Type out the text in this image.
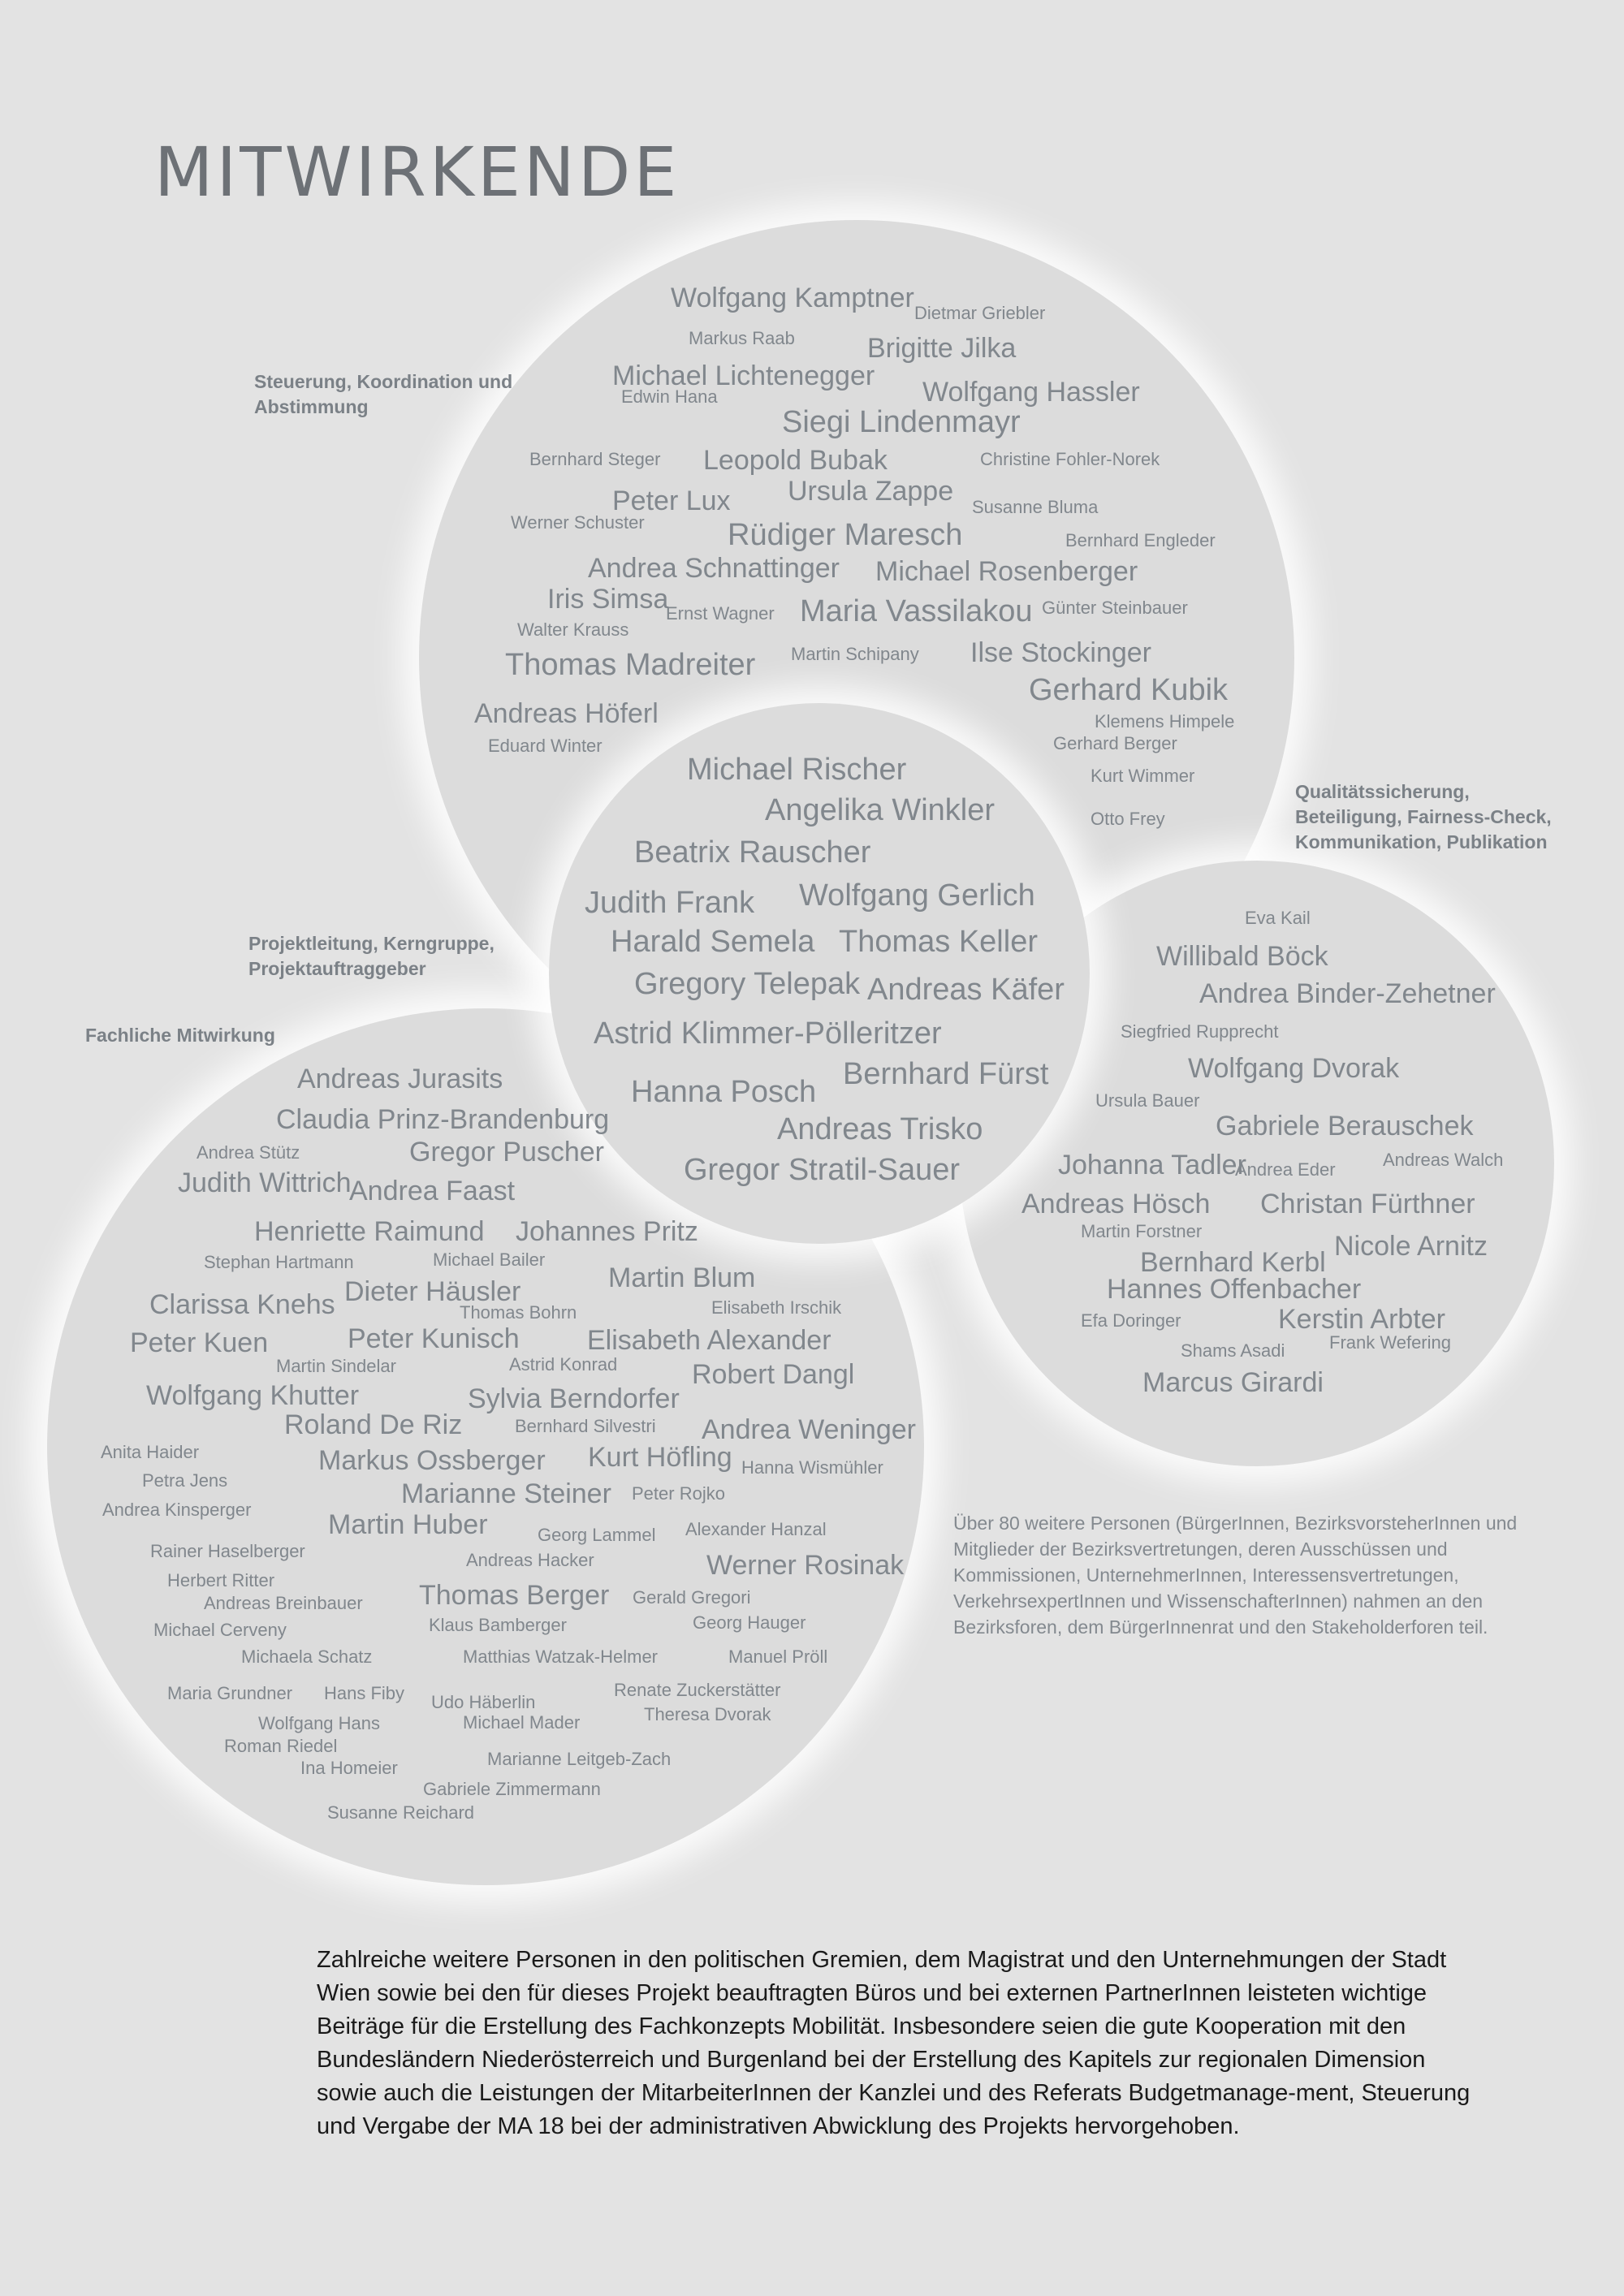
MITWIRKENDE
Steuerung, Koordination und Abstimmung
Qualitätssicherung, Beteiligung, Fairness-Check, Kommunikation, Publikation
Projektleitung, Kerngruppe, Projektauftraggeber
Fachliche Mitwirkung
Wolfgang Kamptner Dietmar Griebler
Markus Raab	Brigitte Jilka
Michael Lichtenegger
Edwin Hana	Wolfgang Hassler
Siegi Lindenmayr
Bernhard Steger Leopold Bubak	Christine Fohler-Norek
Peter Lux Ursula Zappe
Werner Schuster
Susanne Bluma
Rüdiger Maresch	Bernhard Engleder
Andrea Schnattinger Michael Rosenberger
Iris Simsa
Ernst Wagner Maria Vassilakou Günter Steinbauer
Walter Krauss
Martin Schipany Ilse Stockinger
Thomas Madreiter
Gerhard Kubik
Andreas Höferl	Klemens Himpele
Eduard Winter	Gerhard Berger
Kurt Wimmer
Otto Frey
Michael Rischer
Angelika Winkler
Beatrix Rauscher
Judith Frank Wolfgang Gerlich
Harald Semela Thomas Keller
Gregory Telepak Andreas Käfer
Astrid Klimmer-Pölleritzer
Bernhard Fürst
Hanna Posch
Andreas Trisko
Gregor Stratil-Sauer
Eva Kail
Willibald Böck
Andrea Binder-Zehetner
Siegfried Rupprecht
Wolfgang Dvorak
Ursula Bauer
Gabriele Berauschek
Johanna Tadler
Andrea Eder	Andreas Walch
Andreas Hösch Christan Fürthner
Martin Forstner	Nicole Arnitz
Bernhard Kerbl
Hannes Offenbacher
Kerstin Arbter
Efa Doringer
Frank Wefering
Shams Asadi
Marcus Girardi
Andreas Jurasits
Claudia Prinz-Brandenburg
Andrea Stütz	Gregor Puscher
Judith Wittrich
Andrea Faast
Henriette Raimund Johannes Pritz
Stephan Hartmann	Michael Bailer
Martin Blum
Dieter Häusler
Clarissa Knehs	Thomas Bohrn	Elisabeth Irschik
Peter Kuen	Peter Kunisch Elisabeth Alexander
Martin Sindelar	Astrid Konrad	Robert Dangl
Wolfgang Khutter	Sylvia Berndorfer
Roland De Riz	Bernhard Silvestri Andrea Weninger
Anita Haider	Markus Ossberger Kurt Höfling Hanna Wismühler
Petra Jens	Marianne Steiner Peter Rojko
Andrea Kinsperger	Martin Huber	Georg Lammel Alexander Hanzal
Rainer Haselberger	Andreas Hacker	Werner Rosinak
Herbert Ritter	Thomas Berger
Andreas Breinbauer	Gerald Gregori
Michael Cerveny	Klaus Bamberger	Georg Hauger
Michaela Schatz	Matthias Watzak-Helmer	Manuel Pröll
Renate Zuckerstätter
Maria Grundner Hans Fiby Udo Häberlin
Theresa Dvorak
Wolfgang Hans	Michael Mader
Roman Riedel
Marianne Leitgeb-Zach
Ina Homeier
Gabriele Zimmermann
Susanne Reichard
Über 80 weitere Personen (BürgerInnen, BezirksvorsteherInnen und Mitglieder der Bezirksvertretungen, deren Ausschüssen und Kommissionen, UnternehmerInnen, Interessensvertretungen, VerkehrsexpertInnen und WissenschafterInnen) nahmen an den Bezirksforen, dem BürgerInnenrat und den Stakeholderforen teil.
Zahlreiche weitere Personen in den politischen Gremien, dem Magistrat und den Unternehmungen der Stadt Wien sowie bei den für dieses Projekt beauftragten Büros und bei externen PartnerInnen leisteten wichtige Beiträge für die Erstellung des Fachkonzepts Mobilität. Insbesondere seien die gute Kooperation mit den Bundesländern Niederösterreich und Burgenland bei der Erstellung des Kapitels zur regionalen Dimension sowie auch die Leistungen der MitarbeiterInnen der Kanzlei und des Referats Budgetmanage-ment, Steuerung und Vergabe der MA 18 bei der administrativen Abwicklung des Projekts hervorgehoben.
